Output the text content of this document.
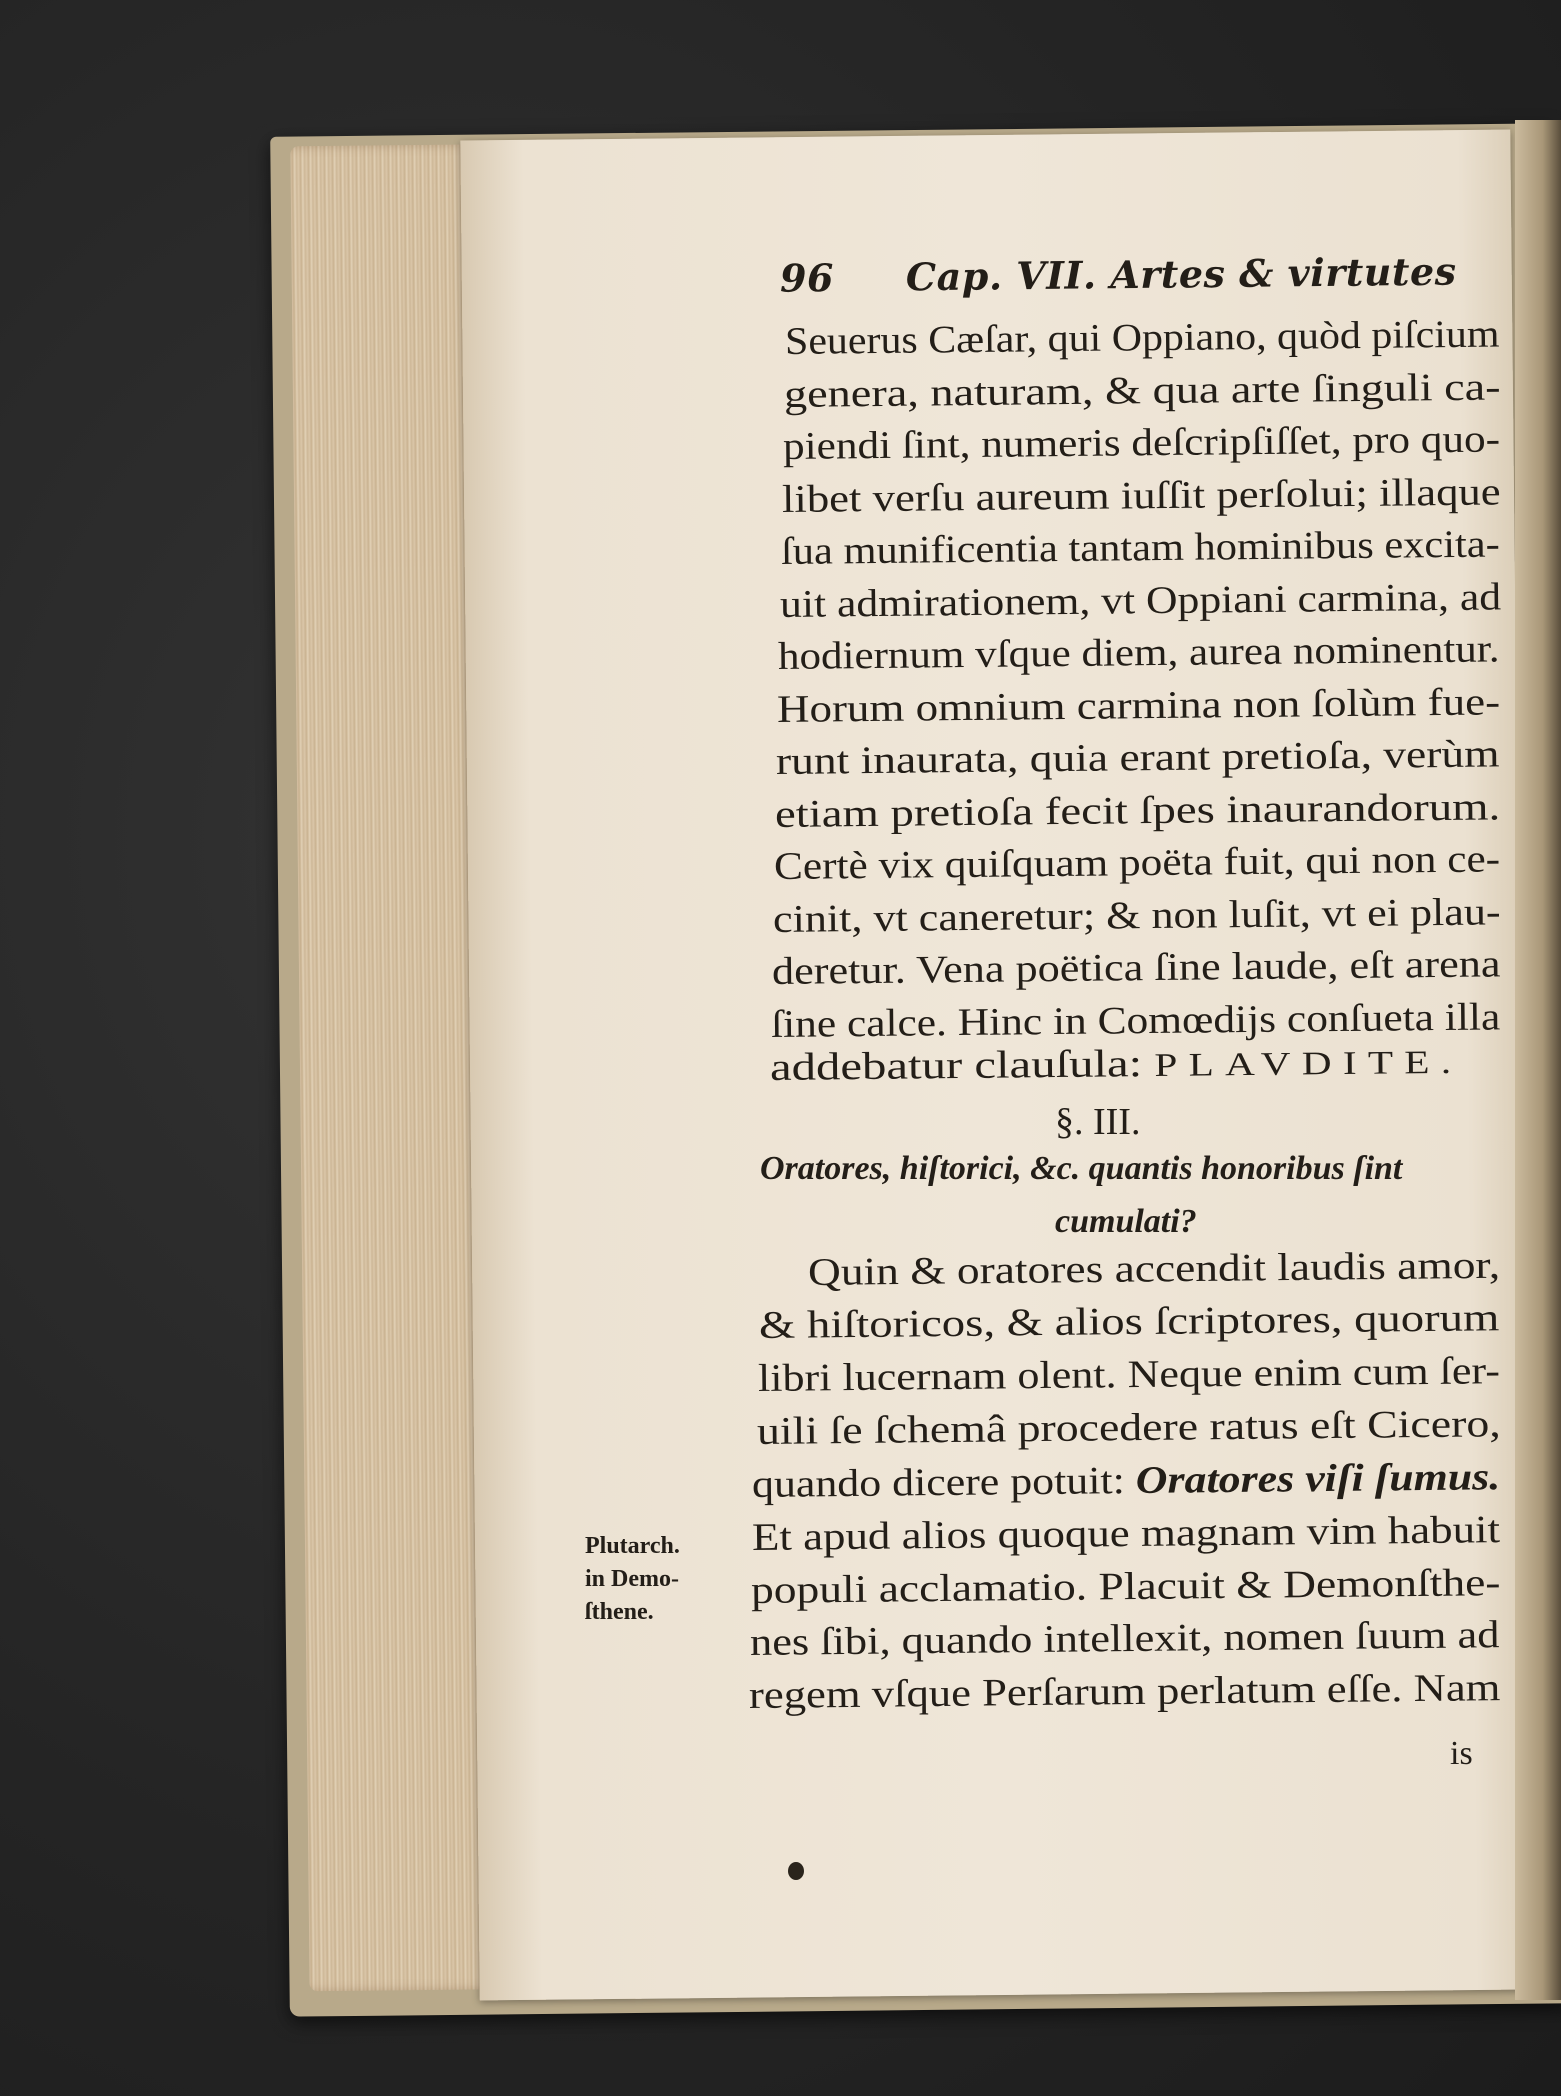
96 Cap. VII. Artes & virtutes
Seuerus Cæſar, qui Oppiano, quòd piſcium
genera, naturam, & qua arte ſinguli ca-
piendi ſint, numeris deſcripſiſſet, pro quo-
libet verſu aureum iuſſit perſolui; illaque
ſua munificentia tantam hominibus excita-
uit admirationem, vt Oppiani carmina, ad
hodiernum vſque diem, aurea nominentur.
Horum omnium carmina non ſolùm fue-
runt inaurata, quia erant pretioſa, verùm
etiam pretioſa fecit ſpes inaurandorum.
Certè vix quiſquam poëta fuit, qui non ce-
cinit, vt caneretur; & non luſit, vt ei plau-
deretur. Vena poëtica ſine laude, eſt arena
ſine calce. Hinc in Comœdijs conſueta illa
addebatur clauſula: PLAVDITE.
§. III.
Oratores, hiſtorici, &c. quantis honoribus ſint
cumulati?
Quin & oratores accendit laudis amor,
& hiſtoricos, & alios ſcriptores, quorum
libri lucernam olent. Neque enim cum ſer-
uili ſe ſchemâ procedere ratus eſt Cicero,
quando dicere potuit: Oratores viſi ſumus.
Et apud alios quoque magnam vim habuit
populi acclamatio. Placuit & Demonſthe-
nes ſibi, quando intellexit, nomen ſuum ad
regem vſque Perſarum perlatum eſſe. Nam
Plutarch.
in Demo-
ſthene.
is
